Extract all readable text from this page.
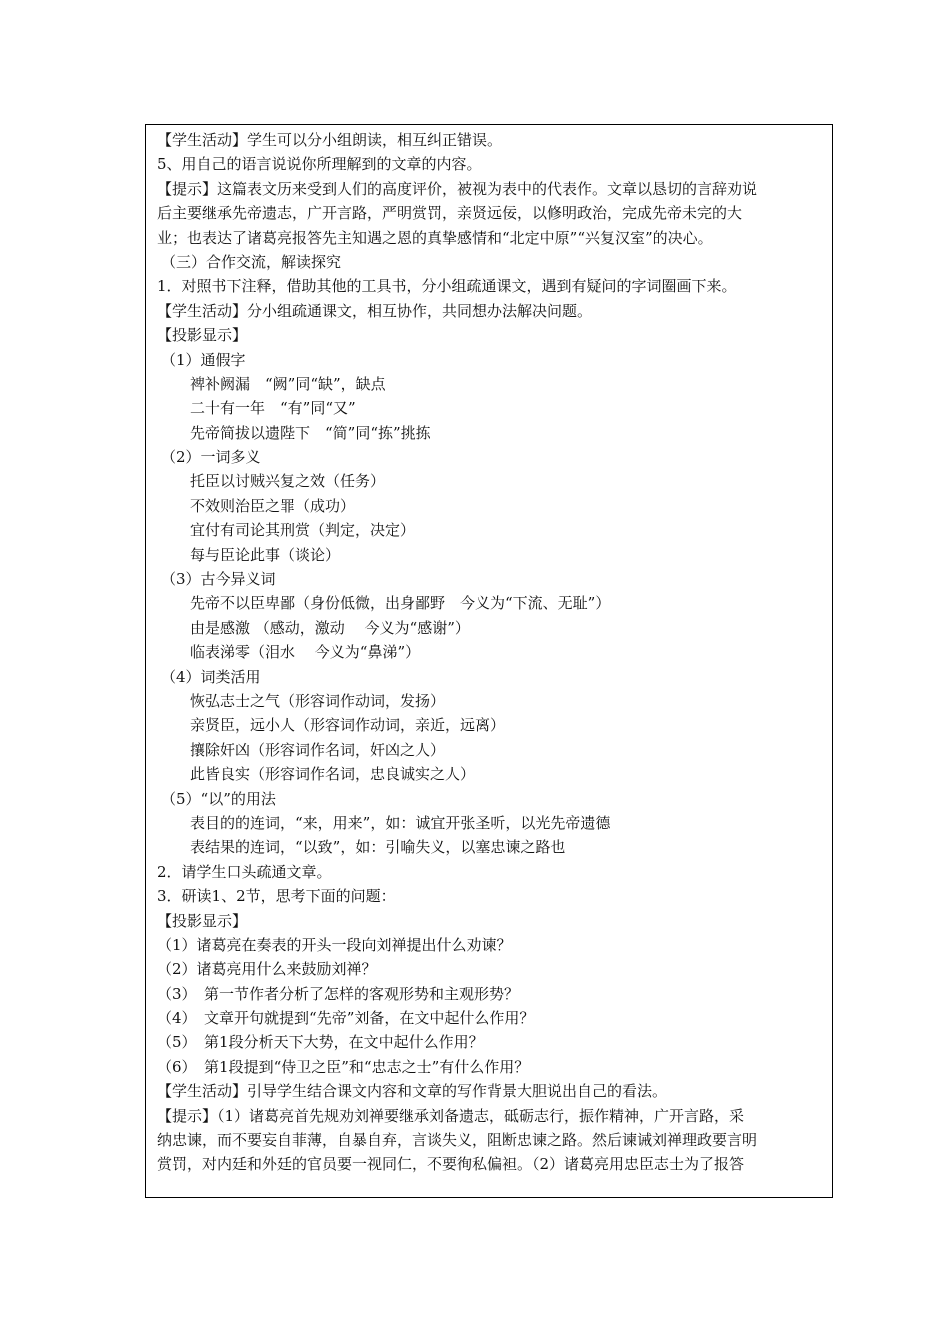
【学生活动】学生可以分小组朗读，相互纠正错误。
5、用自己的语言说说你所理解到的文章的内容。
【提示】这篇表文历来受到人们的高度评价，被视为表中的代表作。文章以恳切的言辞劝说
后主要继承先帝遗志，广开言路，严明赏罚，亲贤远佞，以修明政治，完成先帝未完的大
业；也表达了诸葛亮报答先主知遇之恩的真挚感情和“北定中原”“兴复汉室”的决心。
（三）合作交流，解读探究
1．对照书下注释，借助其他的工具书，分小组疏通课文，遇到有疑问的字词圈画下来。
【学生活动】分小组疏通课文，相互协作，共同想办法解决问题。
【投影显示】
（1）通假字
裨补阙漏　“阙”同“缺”，缺点
二十有一年　“有”同“又”
先帝简拔以遗陛下　“简”同“拣”挑拣
（2）一词多义
托臣以讨贼兴复之效（任务）
不效则治臣之罪（成功）
宜付有司论其刑赏（判定，决定）
每与臣论此事（谈论）
（3）古今异义词
先帝不以臣卑鄙（身份低微，出身鄙野　今义为“下流、无耻”）
由是感激 （感动，激动　 今义为“感谢”）
临表涕零（泪水　 今义为“鼻涕”）
（4）词类活用
恢弘志士之气（形容词作动词，发扬）
亲贤臣，远小人（形容词作动词，亲近，远离）
攘除奸凶（形容词作名词，奸凶之人）
此皆良实（形容词作名词，忠良诚实之人）
（5）“以”的用法
表目的的连词，“来，用来”，如：诚宜开张圣听，以光先帝遗德
表结果的连词，“以致”，如：引喻失义，以塞忠谏之路也
2．请学生口头疏通文章。
3．研读1、2节，思考下面的问题：
【投影显示】
（1）诸葛亮在奏表的开头一段向刘禅提出什么劝谏？
（2）诸葛亮用什么来鼓励刘禅？
（3）　第一节作者分析了怎样的客观形势和主观形势？
（4）　文章开句就提到“先帝”刘备，在文中起什么作用？
（5）　第1段分析天下大势，在文中起什么作用？
（6）　第1段提到“侍卫之臣”和“忠志之士”有什么作用？
【学生活动】引导学生结合课文内容和文章的写作背景大胆说出自己的看法。
【提示】（1）诸葛亮首先规劝刘禅要继承刘备遗志，砥砺志行，振作精神，广开言路，采
纳忠谏，而不要妄自菲薄，自暴自弃，言谈失义，阻断忠谏之路。然后谏诫刘禅理政要言明
赏罚，对内廷和外廷的官员要一视同仁，不要徇私偏袒。（2）诸葛亮用忠臣志士为了报答
